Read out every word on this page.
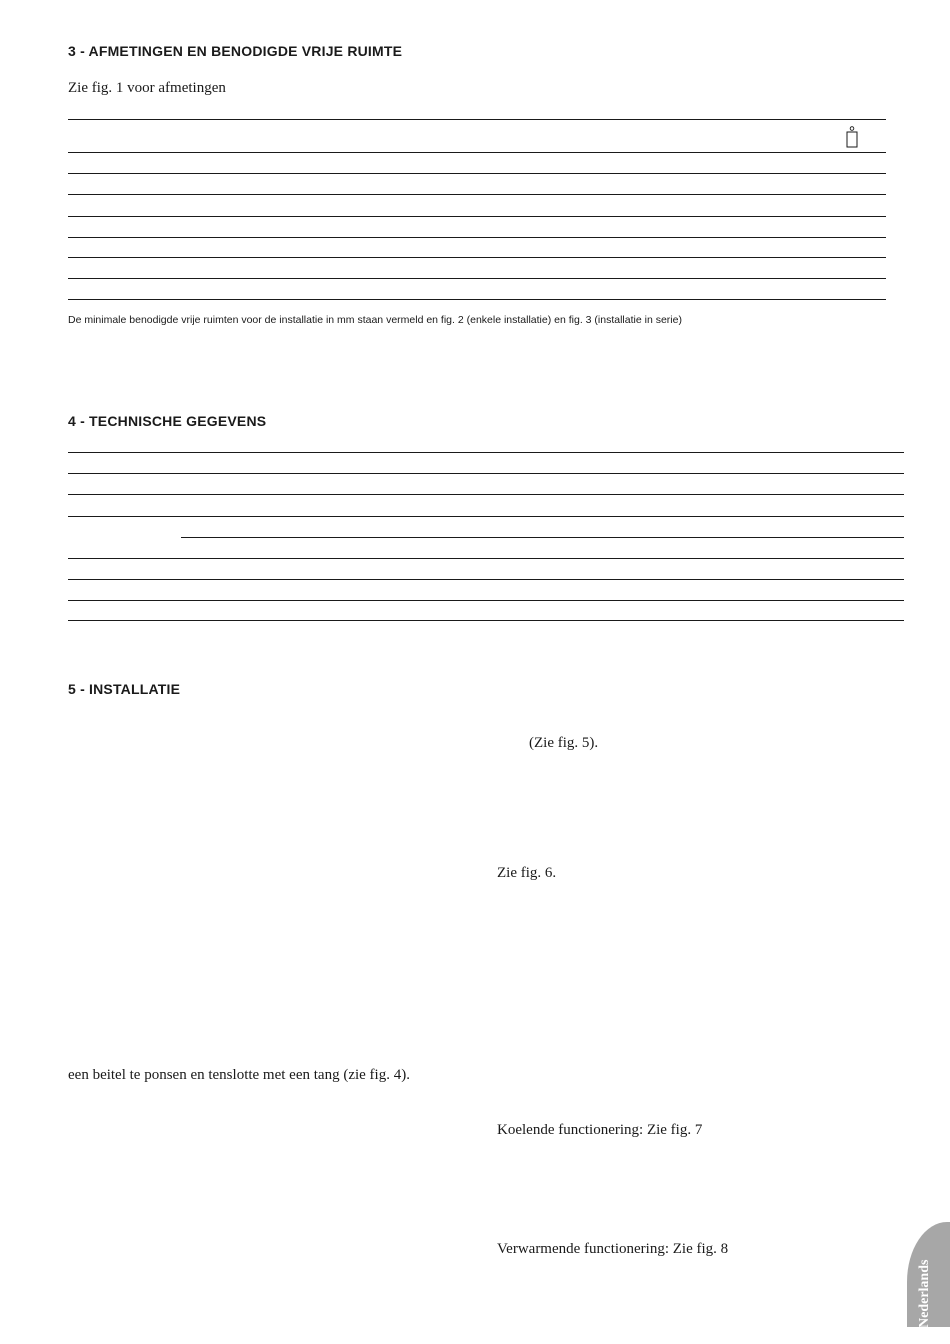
3 - AFMETINGEN EN BENODIGDE VRIJE RUIMTE
Zie fig. 1 voor afmetingen
De minimale benodigde vrije ruimten voor de installatie in mm staan vermeld en fig. 2 (enkele installatie) en fig. 3 (installatie in serie)
4 - TECHNISCHE GEGEVENS
5 - INSTALLATIE
(Zie fig. 5).
Zie fig. 6.
een beitel te ponsen en tenslotte met een tang (zie fig. 4).
Koelende functionering: Zie fig. 7
Verwarmende functionering: Zie fig. 8
Nederlands
